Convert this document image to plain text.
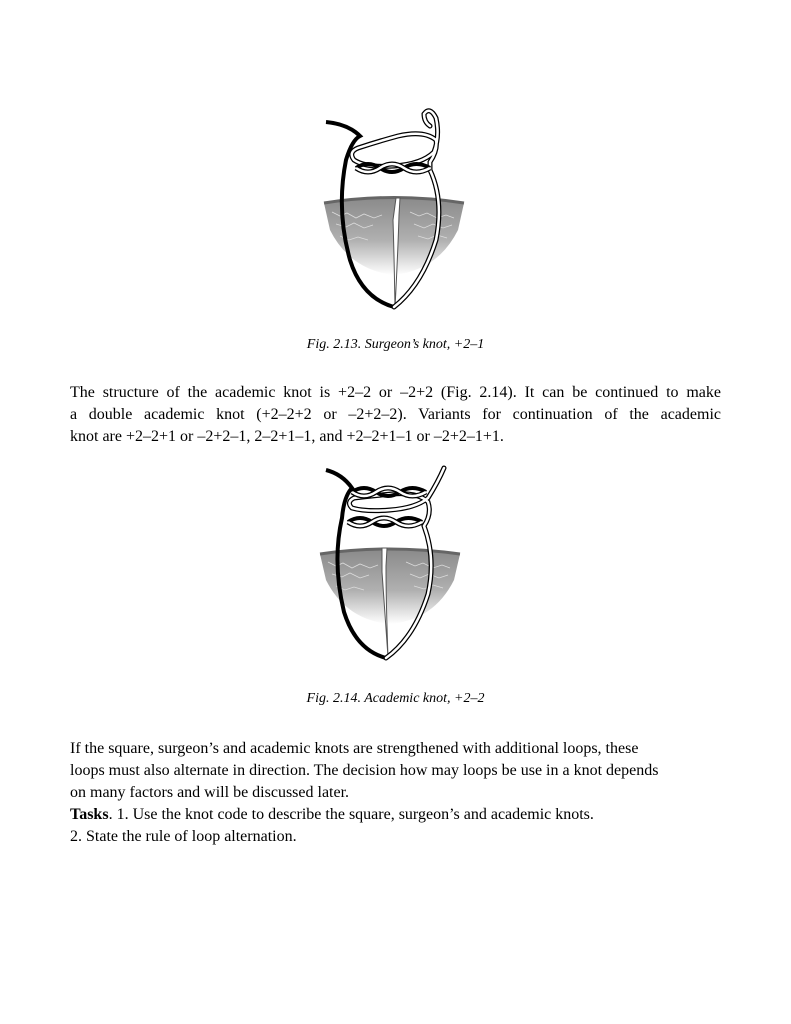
Fig. 2.13. Surgeon’s knot, +2–1

The structure of the academic knot is +2–2 or –2+2 (Fig. 2.14). It can be continued to make
a double academic knot (+2–2+2 or –2+2–2). Variants for continuation of the academic
knot are +2–2+1 or –2+2–1, 2–2+1–1, and +2–2+1–1 or –2+2–1+1.

Fig. 2.14. Academic knot, +2–2

If the square, surgeon’s and academic knots are strengthened with additional loops, these
loops must also alternate in direction. The decision how may loops be use in a knot depends
on many factors and will be discussed later.
Tasks. 1. Use the knot code to describe the square, surgeon’s and academic knots.
2. State the rule of loop alternation.
